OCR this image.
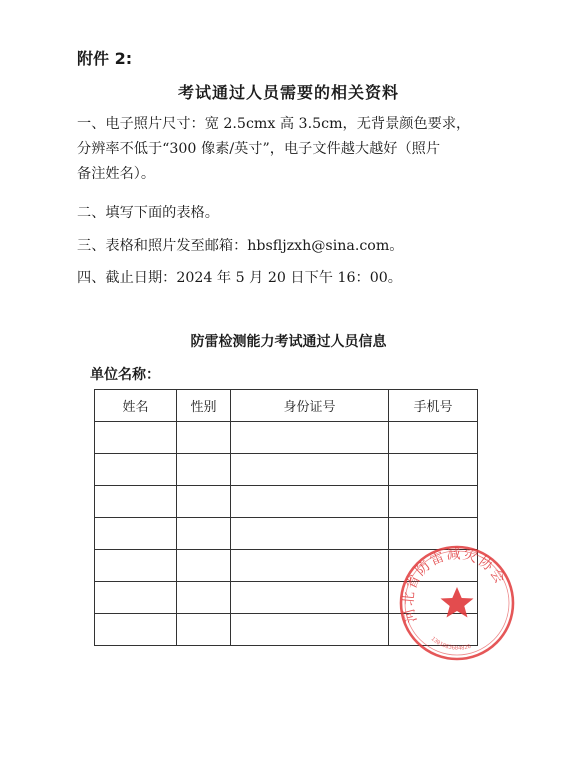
附件 2:
考试通过人员需要的相关资料
一、电子照片尺寸：宽 2.5cmx 高 3.5cm，无背景颜色要求，
分辨率不低于“300 像素/英寸”，电子文件越大越好（照片
备注姓名）。
二、填写下面的表格。
三、表格和照片发至邮箱：hbsfljzxh@sina.com。
四、截止日期：2024 年 5 月 20 日下午 16：00。
防雷检测能力考试通过人员信息
单位名称：
姓名	性别	身份证号	手机号

河北省防雷减灾协会
1301083604826
